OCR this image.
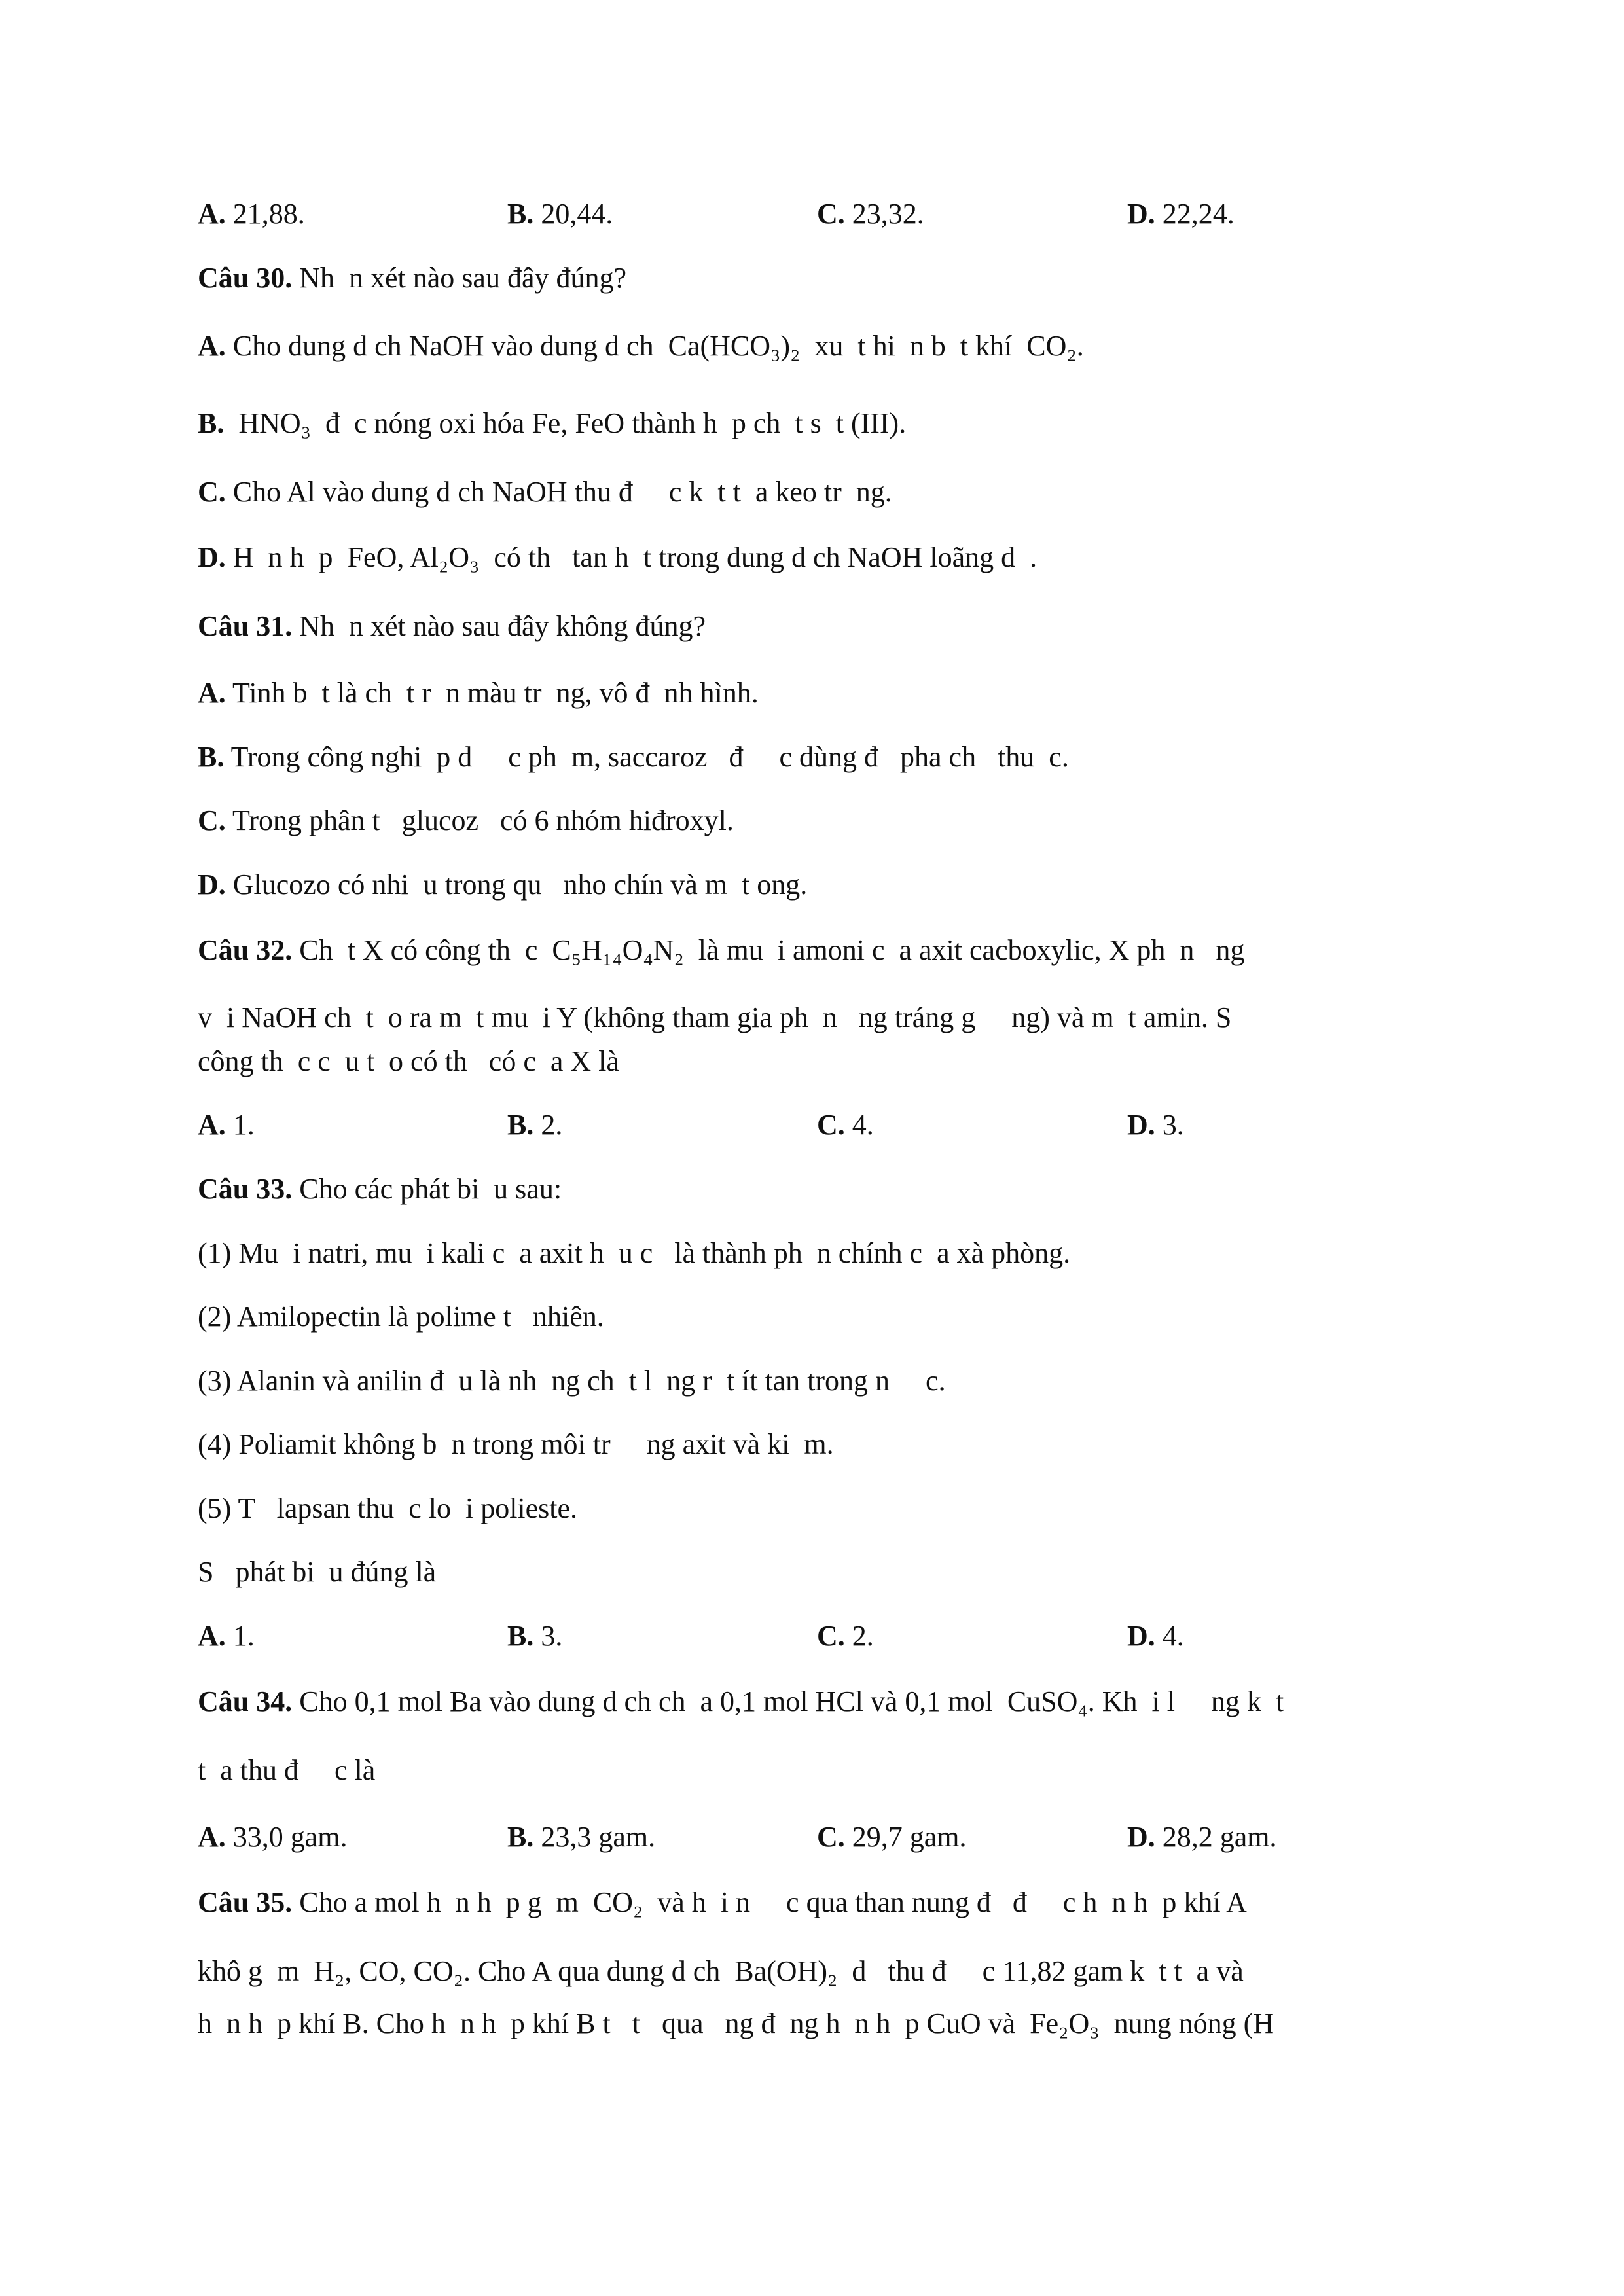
A. 21,88.	B. 20,44.	C. 23,32.	D. 22,24.
Câu 30. Nh  n xét nào sau đây đúng?
A. Cho dung d ch NaOH vào dung d ch  Ca(HCO₃)₂  xu  t hi  n b  t khí  CO₂.
B.  HNO₃  đ  c nóng oxi hóa Fe, FeO thành h  p ch  t s  t (III).
C. Cho Al vào dung d ch NaOH thu đ     c k  t t  a keo tr  ng.
D. H  n h  p  FeO, Al₂O₃  có th   tan h  t trong dung d ch NaOH loãng d  .
Câu 31. Nh  n xét nào sau đây không đúng?
A. Tinh b  t là ch  t r  n màu tr  ng, vô đ  nh hình.
B. Trong công nghi  p d     c ph  m, saccaroz   đ     c dùng đ   pha ch   thu  c.
C. Trong phân t   glucoz   có 6 nhóm hiđroxyl.
D. Glucozo có nhi  u trong qu   nho chín và m  t ong.
Câu 32. Ch  t X có công th  c  C₅H₁₄O₄N₂  là mu  i amoni c  a axit cacboxylic, X ph  n   ng
v  i NaOH ch  t  o ra m  t mu  i Y (không tham gia ph  n   ng tráng g     ng) và m  t amin. S
công th  c c  u t  o có th   có c  a X là
A. 1.	B. 2.	C. 4.	D. 3.
Câu 33. Cho các phát bi  u sau:
(1) Mu  i natri, mu  i kali c  a axit h  u c   là thành ph  n chính c  a xà phòng.
(2) Amilopectin là polime t   nhiên.
(3) Alanin và anilin đ  u là nh  ng ch  t l  ng r  t ít tan trong n     c.
(4) Poliamit không b  n trong môi tr     ng axit và ki  m.
(5) T   lapsan thu  c lo  i polieste.
S   phát bi  u đúng là
A. 1.	B. 3.	C. 2.	D. 4.
Câu 34. Cho 0,1 mol Ba vào dung d ch ch  a 0,1 mol HCl và 0,1 mol  CuSO₄. Kh  i l     ng k  t
t  a thu đ     c là
A. 33,0 gam.	B. 23,3 gam.	C. 29,7 gam.	D. 28,2 gam.
Câu 35. Cho a mol h  n h  p g  m  CO₂  và h  i n     c qua than nung đ   đ     c h  n h  p khí A
khô g  m  H₂, CO, CO₂. Cho A qua dung d ch  Ba(OH)₂  d   thu đ     c 11,82 gam k  t t  a và
h  n h  p khí B. Cho h  n h  p khí B t   t   qua   ng đ  ng h  n h  p CuO và  Fe₂O₃  nung nóng (H
